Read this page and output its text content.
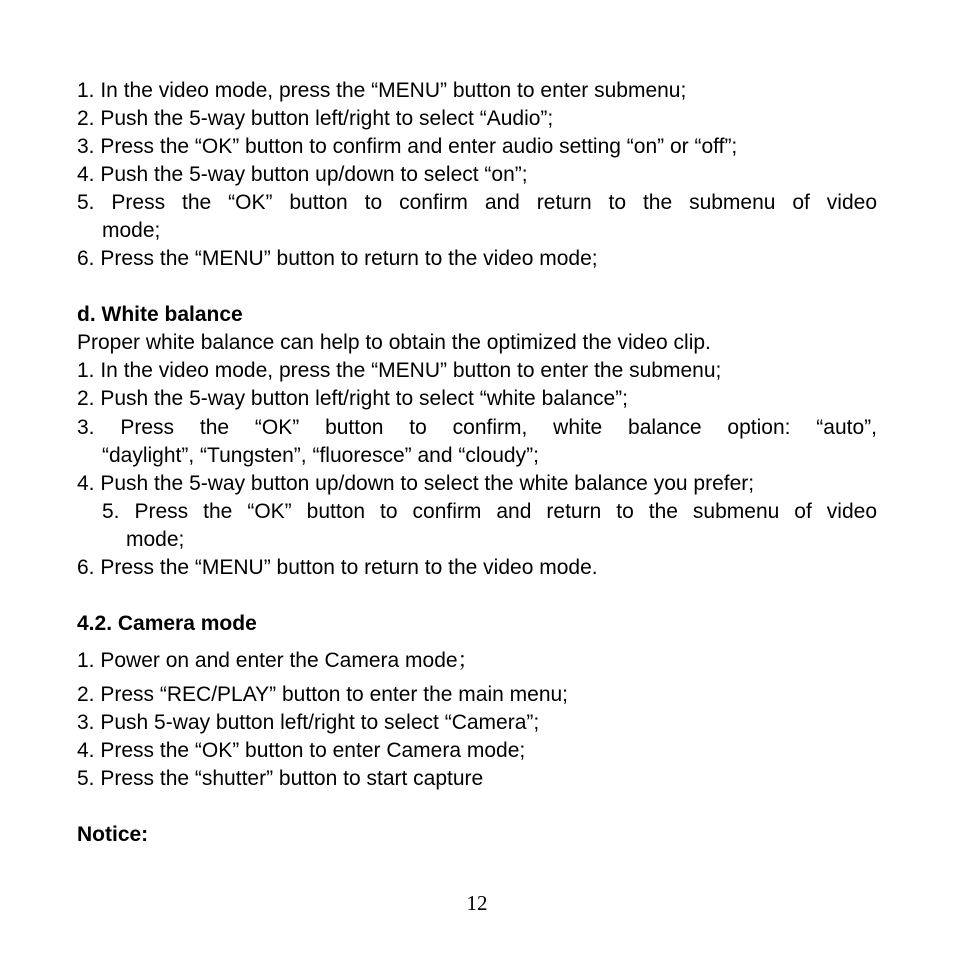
1. In the video mode, press the “MENU” button to enter submenu;
2. Push the 5-way button left/right to select “Audio”;
3. Press the “OK” button to confirm and enter audio setting “on” or “off”;
4. Push the 5-way button up/down to select “on”;
5. Press the “OK” button to confirm and return to the submenu of video
mode;
6. Press the “MENU” button to return to the video mode;
d. White balance
Proper white balance can help to obtain the optimized the video clip.
1. In the video mode, press the “MENU” button to enter the submenu;
2. Push the 5-way button left/right to select “white balance”;
3. Press the “OK” button to confirm, white balance option: “auto”,
“daylight”, “Tungsten”, “fluoresce” and “cloudy”;
4. Push the 5-way button up/down to select the white balance you prefer;
5. Press the “OK” button to confirm and return to the submenu of video
mode;
6. Press the “MENU” button to return to the video mode.
4.2. Camera mode
1. Power on and enter the Camera mode；
2. Press “REC/PLAY” button to enter the main menu;
3. Push 5-way button left/right to select “Camera”;
4. Press the “OK” button to enter Camera mode;
5. Press the “shutter” button to start capture
Notice:
12
